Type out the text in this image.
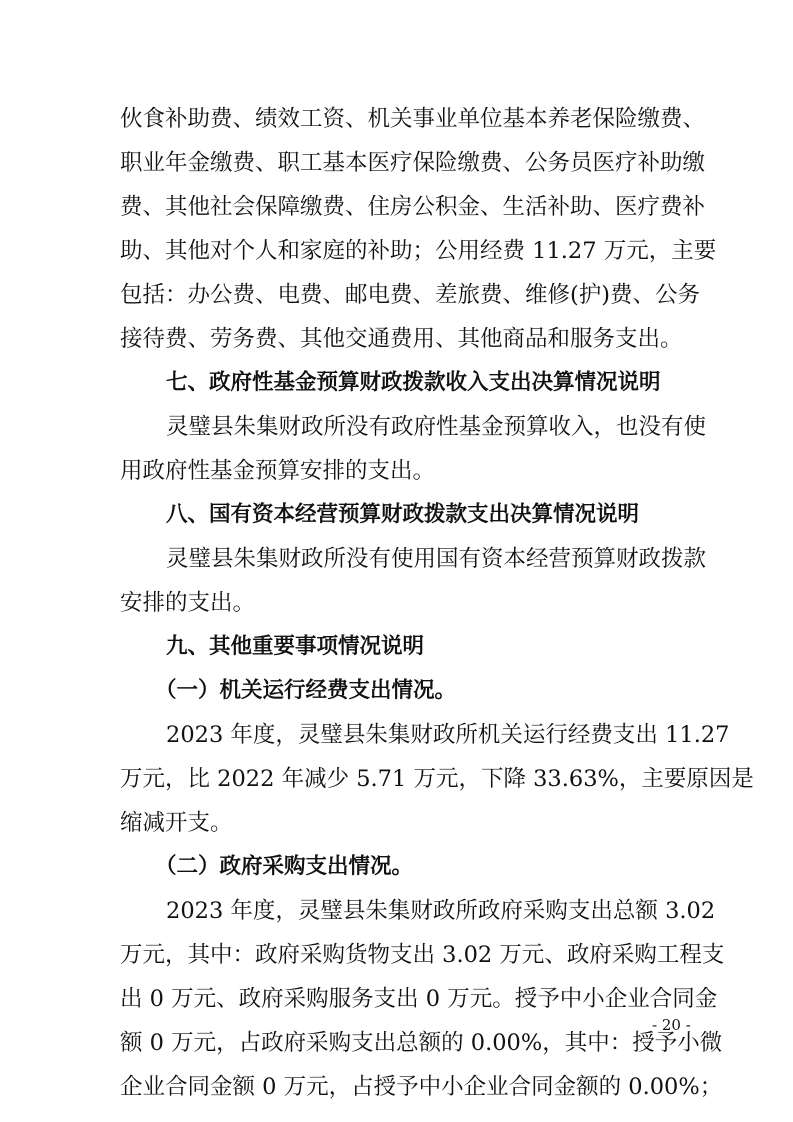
伙食补助费、绩效工资、机关事业单位基本养老保险缴费、
职业年金缴费、职工基本医疗保险缴费、公务员医疗补助缴
费、其他社会保障缴费、住房公积金、生活补助、医疗费补
助、其他对个人和家庭的补助；公用经费 11.27 万元，主要
包括：办公费、电费、邮电费、差旅费、维修(护)费、公务
接待费、劳务费、其他交通费用、其他商品和服务支出。
七、政府性基金预算财政拨款收入支出决算情况说明
灵璧县朱集财政所没有政府性基金预算收入，也没有使
用政府性基金预算安排的支出。
八、国有资本经营预算财政拨款支出决算情况说明
灵璧县朱集财政所没有使用国有资本经营预算财政拨款
安排的支出。
九、其他重要事项情况说明
（一）机关运行经费支出情况。
2023 年度，灵璧县朱集财政所机关运行经费支出 11.27
万元，比 2022 年减少 5.71 万元，下降 33.63%，主要原因是
缩减开支。
（二）政府采购支出情况。
2023 年度，灵璧县朱集财政所政府采购支出总额 3.02
万元，其中：政府采购货物支出 3.02 万元、政府采购工程支
出 0 万元、政府采购服务支出 0 万元。授予中小企业合同金
额 0 万元，占政府采购支出总额的 0.00%，其中：授予小微
企业合同金额 0 万元，占授予中小企业合同金额的 0.00%；
- 20 -
